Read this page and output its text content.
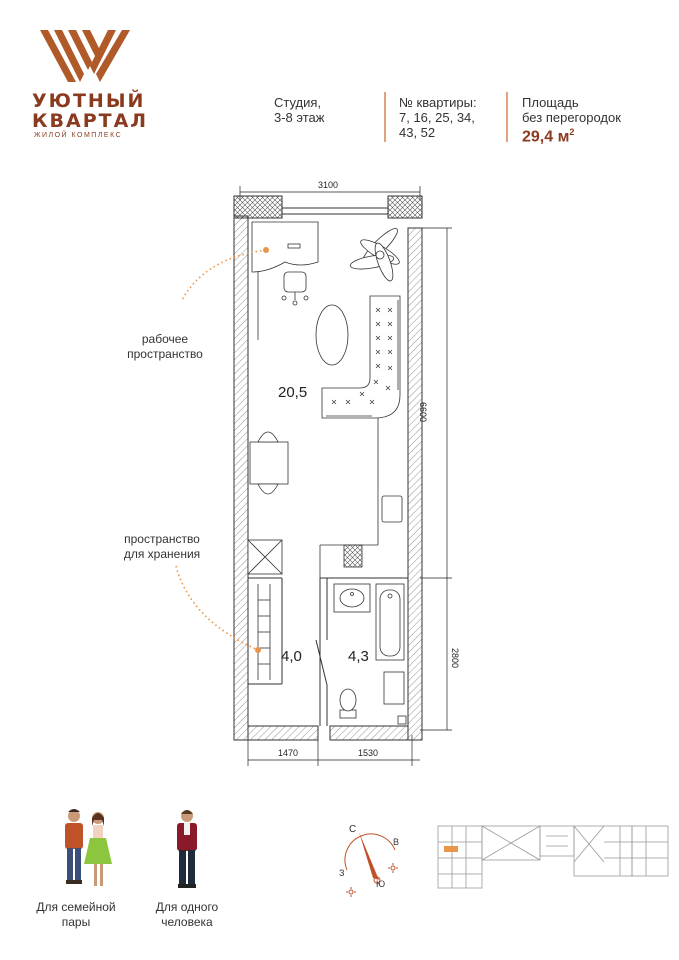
УЮТНЫЙ
КВАРТАЛ
ЖИЛОЙ КОМПЛЕКС
Студия,
3-8 этаж
№ квартиры:
7, 16, 25, 34,
43, 52
Площадь
без перегородок
29,4 $м^2$
3100
6600
2800
1470	1530
20,5
4,0	4,3
рабочее
пространство
пространство
для хранения
Для семейной
пары
Для одного
человека
С
В
Ю
З
